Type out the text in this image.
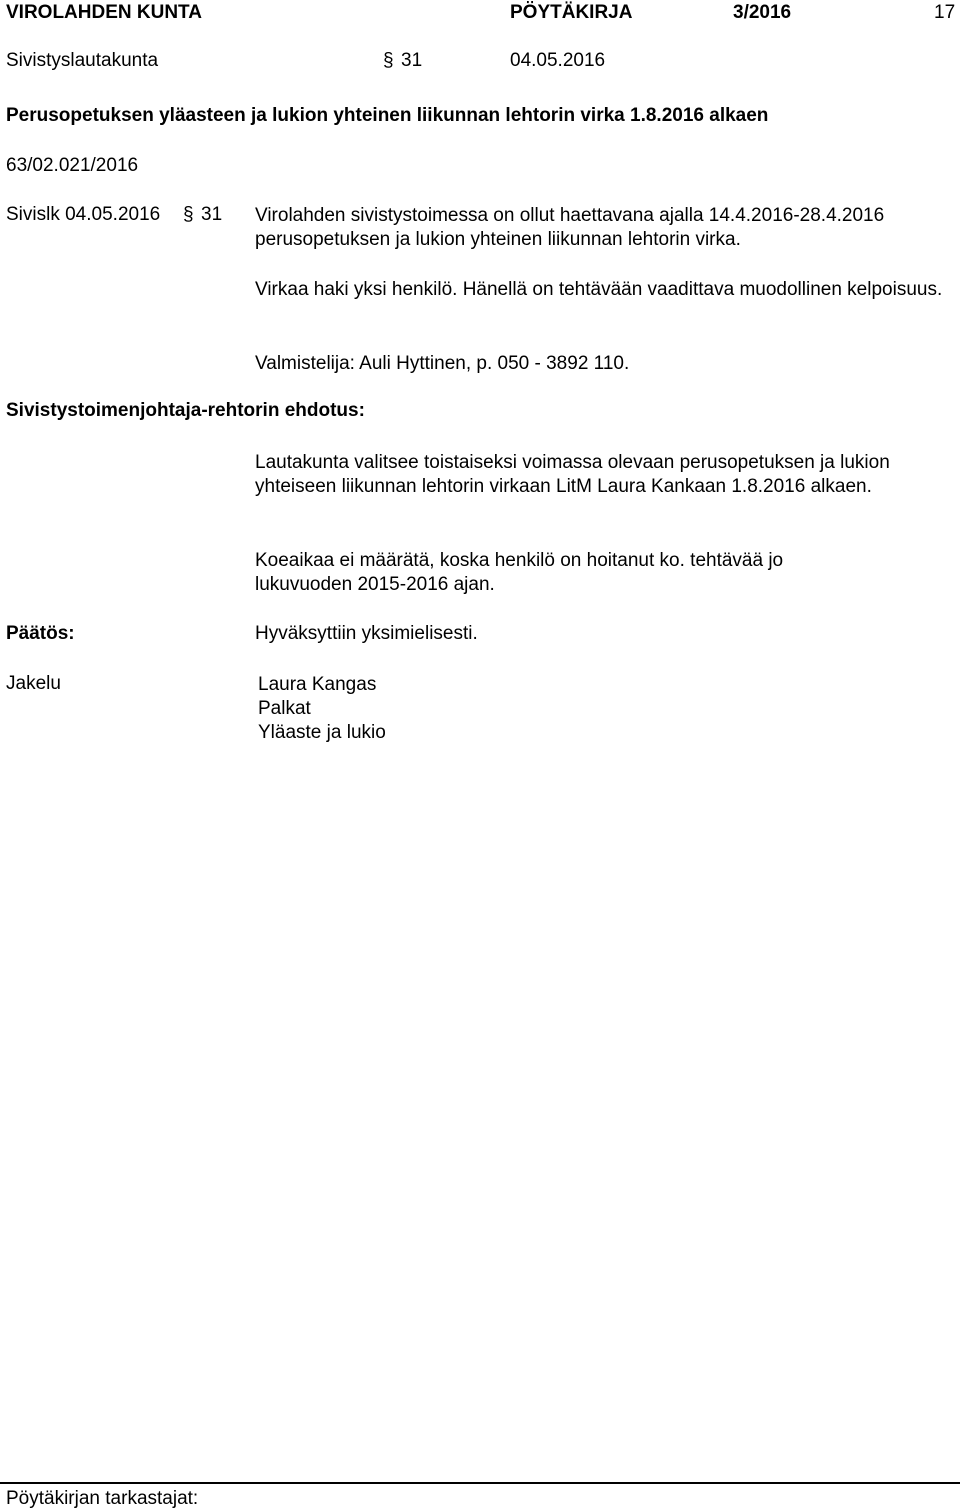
VIROLAHDEN KUNTA	PÖYTÄKIRJA	3/2016	17
Sivistyslautakunta	§ 31	04.05.2016
Perusopetuksen yläasteen ja lukion yhteinen liikunnan lehtorin virka 1.8.2016 alkaen
63/02.021/2016
Sivislk 04.05.2016 § 31 Virolahden sivistystoimessa on ollut haettavana ajalla 14.4.2016-28.4.2016 perusopetuksen ja lukion yhteinen liikunnan lehtorin virka.
Virkaa haki yksi henkilö. Hänellä on tehtävään vaadittava muodollinen kelpoisuus.
Valmistelija: Auli Hyttinen, p. 050 - 3892 110.
Sivistystoimenjohtaja-rehtorin ehdotus:
Lautakunta valitsee toistaiseksi voimassa olevaan perusopetuksen ja lukion yhteiseen liikunnan lehtorin virkaan LitM Laura Kankaan 1.8.2016 alkaen.
Koeaikaa ei määrätä, koska henkilö on hoitanut ko. tehtävää jo lukuvuoden 2015-2016 ajan.
Päätös:	Hyväksyttiin yksimielisesti.
Jakelu	Laura Kangas
Palkat
Yläaste ja lukio
Pöytäkirjan tarkastajat:
